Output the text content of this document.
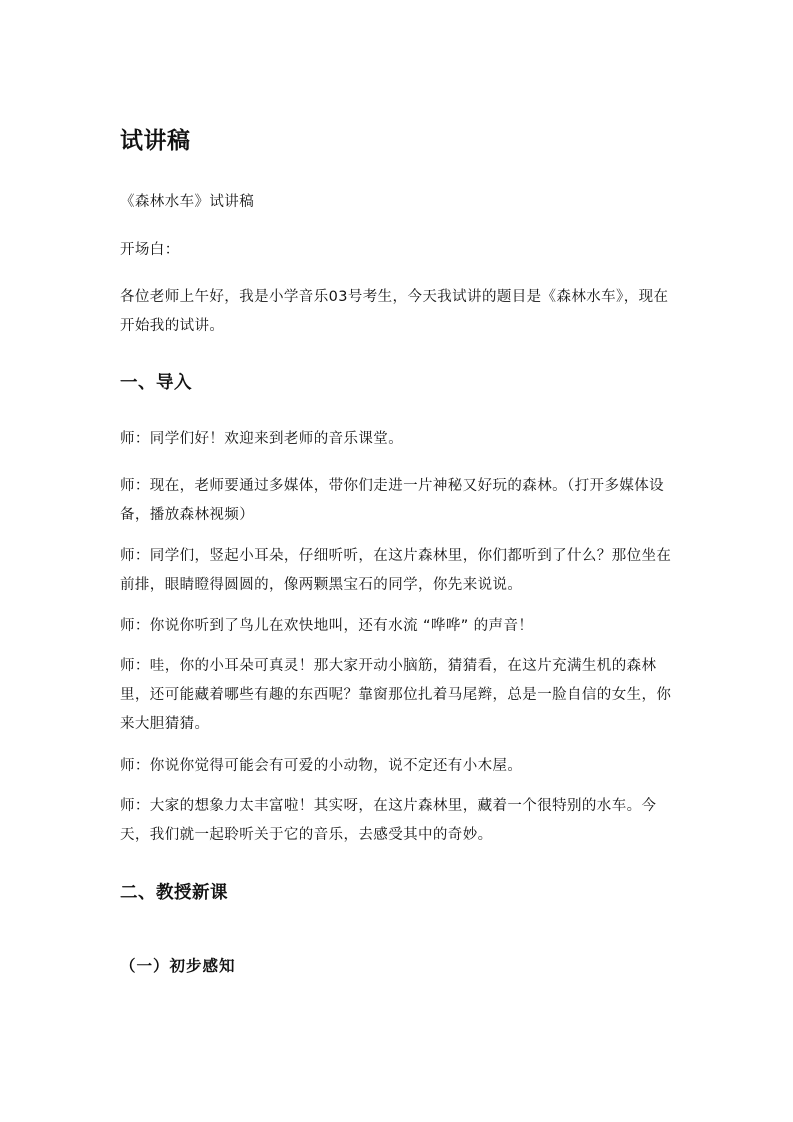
试讲稿

《森林水车》试讲稿

开场白：

各位老师上午好，我是小学音乐03号考生，今天我试讲的题目是《森林水车》，现在开始我的试讲。

一、导入

师：同学们好！欢迎来到老师的音乐课堂。

师：现在，老师要通过多媒体，带你们走进一片神秘又好玩的森林。（打开多媒体设备，播放森林视频）

师：同学们，竖起小耳朵，仔细听听，在这片森林里，你们都听到了什么？那位坐在前排，眼睛瞪得圆圆的，像两颗黑宝石的同学，你先来说说。

师：你说你听到了鸟儿在欢快地叫，还有水流 “哗哗” 的声音！

师：哇，你的小耳朵可真灵！那大家开动小脑筋，猜猜看，在这片充满生机的森林里，还可能藏着哪些有趣的东西呢？靠窗那位扎着马尾辫，总是一脸自信的女生，你来大胆猜猜。

师：你说你觉得可能会有可爱的小动物，说不定还有小木屋。

师：大家的想象力太丰富啦！其实呀，在这片森林里，藏着一个很特别的水车。今天，我们就一起聆听关于它的音乐，去感受其中的奇妙。

二、教授新课
（一）初步感知
